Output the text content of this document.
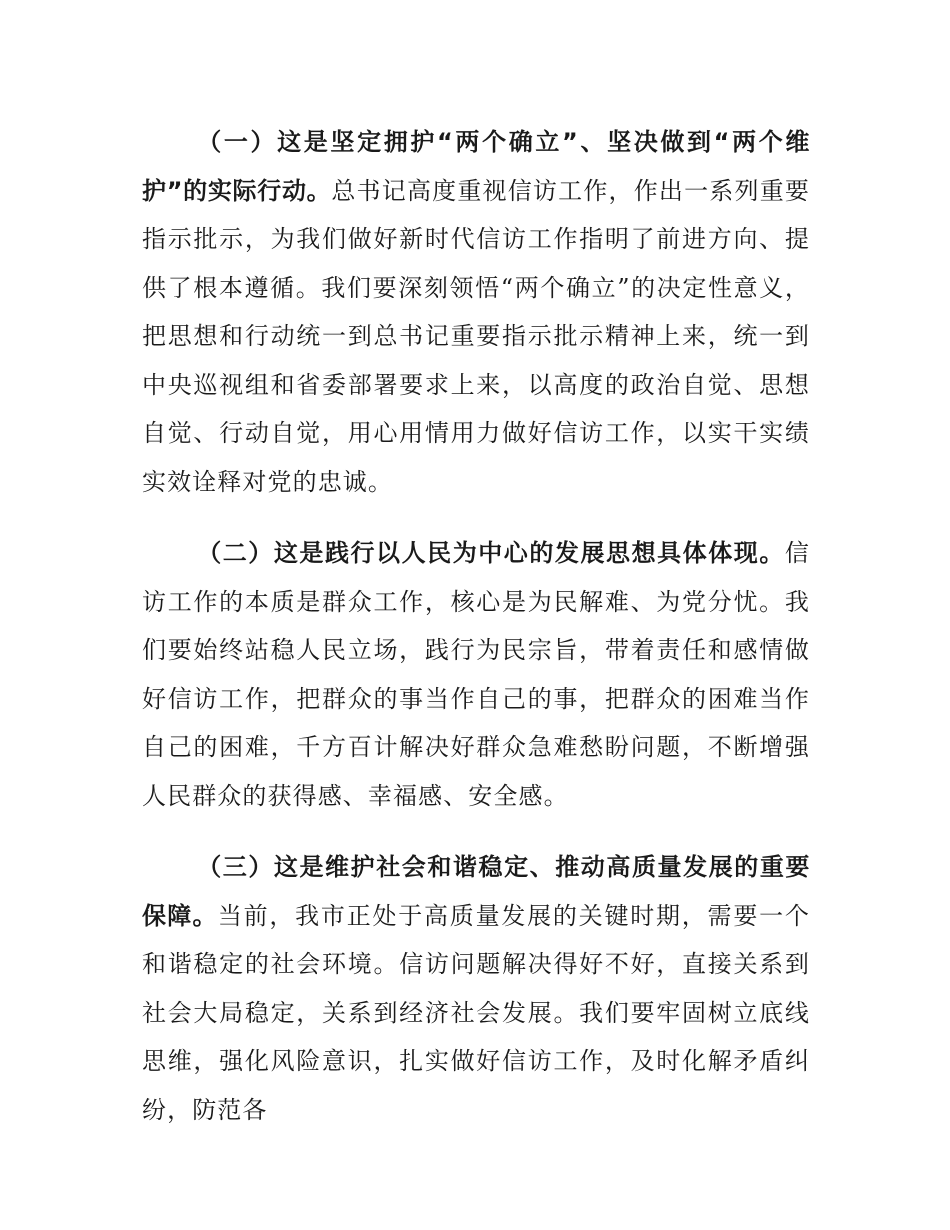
（一）这是坚定拥护“两个确立”、坚决做到“两个维护”的实际行动。总书记高度重视信访工作，作出一系列重要指示批示，为我们做好新时代信访工作指明了前进方向、提供了根本遵循。我们要深刻领悟“两个确立”的决定性意义，把思想和行动统一到总书记重要指示批示精神上来，统一到中央巡视组和省委部署要求上来，以高度的政治自觉、思想自觉、行动自觉，用心用情用力做好信访工作，以实干实绩实效诠释对党的忠诚。

（二）这是践行以人民为中心的发展思想具体体现。信访工作的本质是群众工作，核心是为民解难、为党分忧。我们要始终站稳人民立场，践行为民宗旨，带着责任和感情做好信访工作，把群众的事当作自己的事，把群众的困难当作自己的困难，千方百计解决好群众急难愁盼问题，不断增强人民群众的获得感、幸福感、安全感。

（三）这是维护社会和谐稳定、推动高质量发展的重要保障。当前，我市正处于高质量发展的关键时期，需要一个和谐稳定的社会环境。信访问题解决得好不好，直接关系到社会大局稳定，关系到经济社会发展。我们要牢固树立底线思维，强化风险意识，扎实做好信访工作，及时化解矛盾纠纷，防范各
